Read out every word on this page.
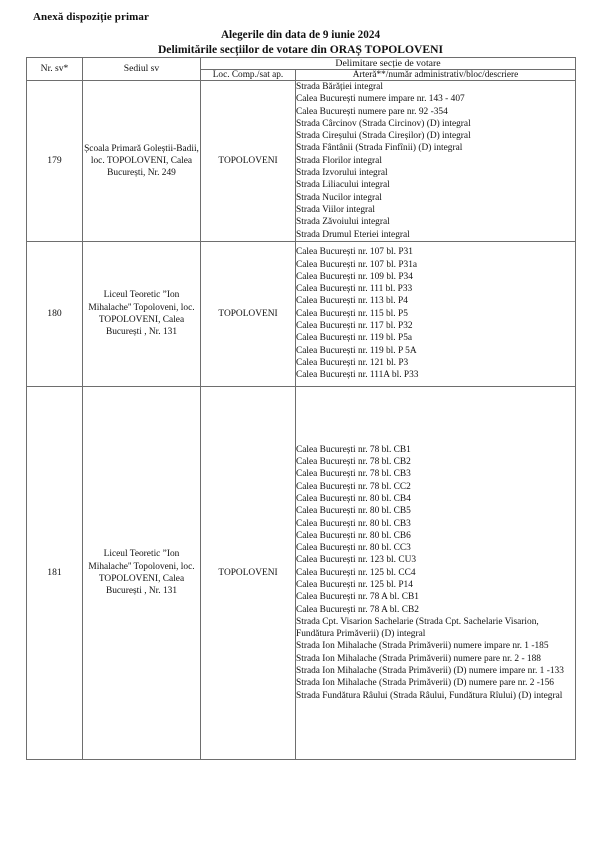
Anexă dispoziție primar
Alegerile din data de 9 iunie 2024
Delimitările secțiilor de votare din ORAȘ TOPOLOVENI
Nr. sv*	Sediul sv	Delimitare secție de votare	
		Loc. Comp./sat ap.	Arteră**/număr administrativ/bloc/descriere
179	Școala Primară Goleștii-Badii, loc. TOPOLOVENI, Calea București, Nr. 249	TOPOLOVENI	
Strada Bărăției integral
Calea București numere impare nr. 143 - 407
Calea București numere pare nr. 92 -354
Strada Cârcinov (Strada Circinov) (D) integral
Strada Cireșului (Strada Cireșilor) (D) integral
Strada Fântânii (Strada Finfînii) (D) integral
Strada Florilor integral
Strada Izvorului integral
Strada Liliacului integral
Strada Nucilor integral
Strada Viilor integral
Strada Zăvoiului integral
Strada Drumul Eteriei integral

180	Liceul Teoretic ”Ion Mihalache'' Topoloveni, loc. TOPOLOVENI, Calea București , Nr. 131	TOPOLOVENI	
Calea București nr. 107 bl. P31
Calea București nr. 107 bl. P31a
Calea București nr. 109 bl. P34
Calea București nr. 111 bl. P33
Calea București nr. 113 bl. P4
Calea București nr. 115 bl. P5
Calea București nr. 117 bl. P32
Calea București nr. 119 bl. P5a
Calea București nr. 119 bl. P 5A
Calea București nr. 121 bl. P3
Calea București nr. 111A bl. P33

181	Liceul Teoretic ”Ion Mihalache'' Topoloveni, loc. TOPOLOVENI, Calea București , Nr. 131	TOPOLOVENI	
Calea București nr. 78 bl. CB1
Calea București nr. 78 bl. CB2
Calea București nr. 78 bl. CB3
Calea București nr. 78 bl. CC2
Calea București nr. 80 bl. CB4
Calea București nr. 80 bl. CB5
Calea București nr. 80 bl. CB3
Calea București nr. 80 bl. CB6
Calea București nr. 80 bl. CC3
Calea București nr. 123 bl. CU3
Calea București nr. 125 bl. CC4
Calea București nr. 125 bl. P14
Calea București nr. 78 A bl. CB1
Calea București nr. 78 A bl. CB2
Strada Cpt. Visarion Sachelarie (Strada Cpt. Sachelarie Visarion, Fundătura Primăverii) (D) integral
Strada Ion Mihalache (Strada Primăverii) numere impare nr. 1 -185
Strada Ion Mihalache (Strada Primăverii) numere pare nr. 2 - 188
Strada Ion Mihalache (Strada Primăverii) (D) numere impare nr. 1 -133
Strada Ion Mihalache (Strada Primăverii) (D) numere pare nr. 2 -156
Strada Fundătura Râului (Strada Râului, Fundătura Rîului) (D) integral
